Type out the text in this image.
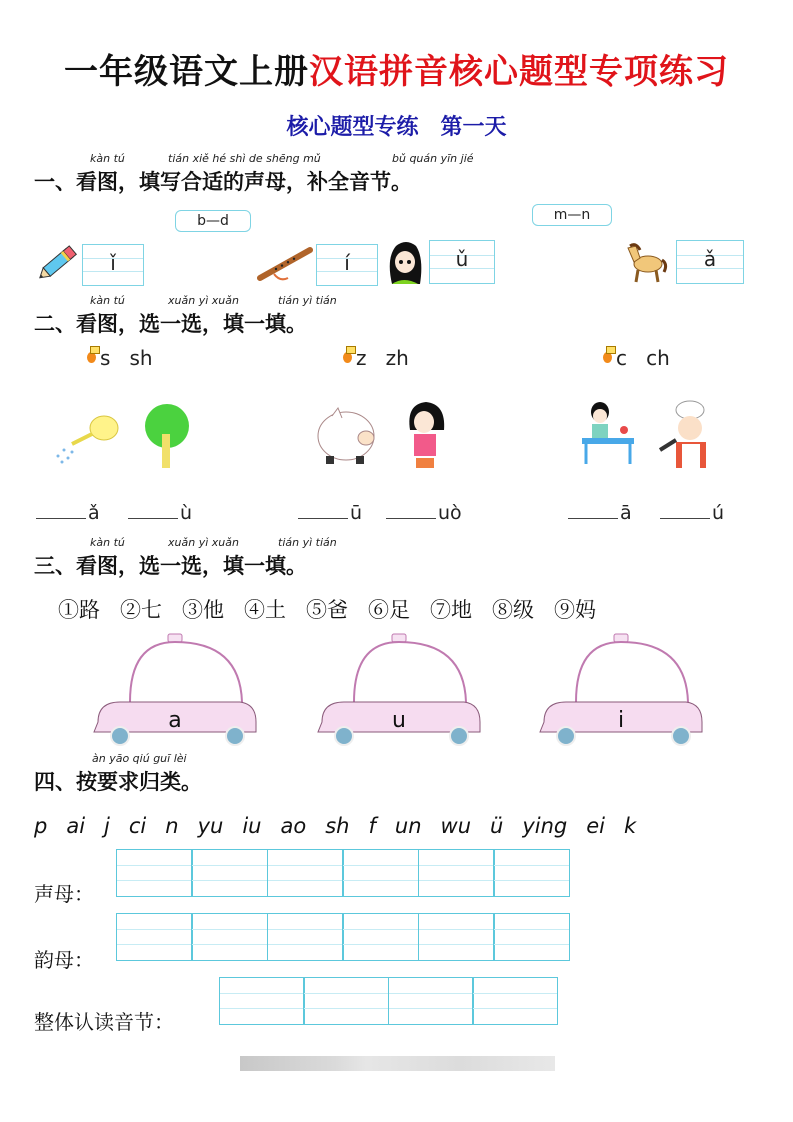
一年级语文上册汉语拼音核心题型专项练习
核心题型专练　第一天
kàn tú	tián xiě hé shì de shēng mǔ	bǔ quán yīn jié
一、看图，填写合适的声母，补全音节。
b—d	m—n
ǐ	í	ǔ	ǎ
kàn tú	xuǎn yì xuǎn	tián yì tián
二、看图，选一选，填一填。
s   sh	z   zh	c   ch
ǎ	ù	ū	uò	ā	ú
kàn tú	xuǎn yì xuǎn	tián yì tián
三、看图，选一选，填一填。
①路 ②七 ③他 ④土 ⑤爸 ⑥足 ⑦地 ⑧级 ⑨妈
a	u	i
àn yāo qiú guī lèi
四、按要求归类。
p ai j ci n yu iu ao sh f un wu ü ying ei k
声母：
韵母：
整体认读音节：
